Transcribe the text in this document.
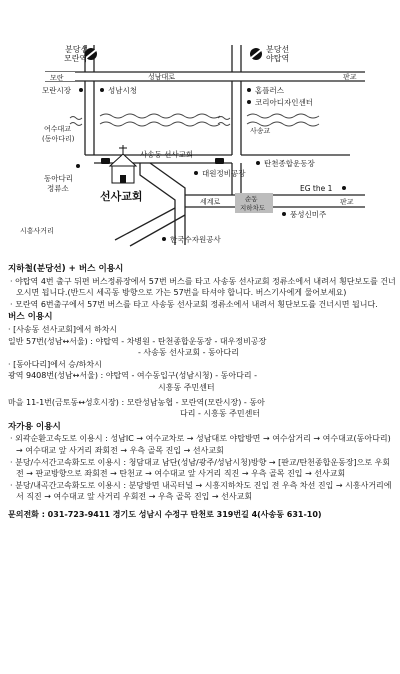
분당선
모란역
분당선
야탑역
모란	성남대로	판교
모란시장	성남시청	홈플러스
코리아디자인센터
여수대교
(동아다리)
사송교
사송동 선사교회
대원정비공장
탄천종합운동장
동아다리
정류소
선사교회
EG the 1
세계로	순동
지하차도
판교
풍성신미주
시흥사거리
한국수자원공사
지하철(분당선) + 버스 이용시

· 야탑역 4번 출구 뒤편 버스정류장에서 57번 버스를 타고 사송동 선사교회 정류소에서 내려서 횡단보도를 건너오시면 됩니다.(반드시 세곡동 방향으로 가는 57번을 타셔야 합니다. 버스기사에게 물어보세요)

· 모란역 6번출구에서 57번 버스를 타고 사송동 선사교회 정류소에서 내려서 횡단보도를 건너시면 됩니다.

버스 이용시

· [사송동 선사교회]에서 하차시

일반 57번(성남↔서울) : 야탑역 - 차병원 - 탄천종합운동장 - 대우정비공장

- 사송동 선사교회 - 동아다리

· [동아다리]에서 승/하차시

광역 9408번(성남↔서울) : 야탑역 - 여수동입구(성남시청) - 동아다리 -

시흥동 주민센터

마을 11-1번(금토동↔성호시장) : 모란성남농협 - 모란역(모란시장) - 동아

다리 - 시흥동 주민센터

자가용 이용시

· 외곽순환고속도로 이용시 : 성남IC → 여수교차로 → 성남대로 야탑방면 → 여수삼거리 → 여수대교(동아다리) → 여수대교 앞 사거리 좌회전 → 우측 골목 진입 → 선사교회

· 분당/수서간고속화도로 이용시 : 청담대교 남단(성남/광주/성남시청)방향 → [판교/탄천종합운동장]으로 우회전 → 판교방향으로 좌회전 → 탄천교 → 여수대교 앞 사거리 직진 → 우측 골목 진입 → 선사교회

· 분당/내곡간고속화도로 이용시 : 분당방면 내곡터널 → 시흥지하차도 진입 전 우측 차선 진입 → 시흥사거리에서 직진 → 여수대교 앞 사거리 우회전 → 우측 골목 진입 → 선사교회

문의전화 : 031-723-9411 경기도 성남시 수정구 탄천로 319번길 4(사송동 631-10)
